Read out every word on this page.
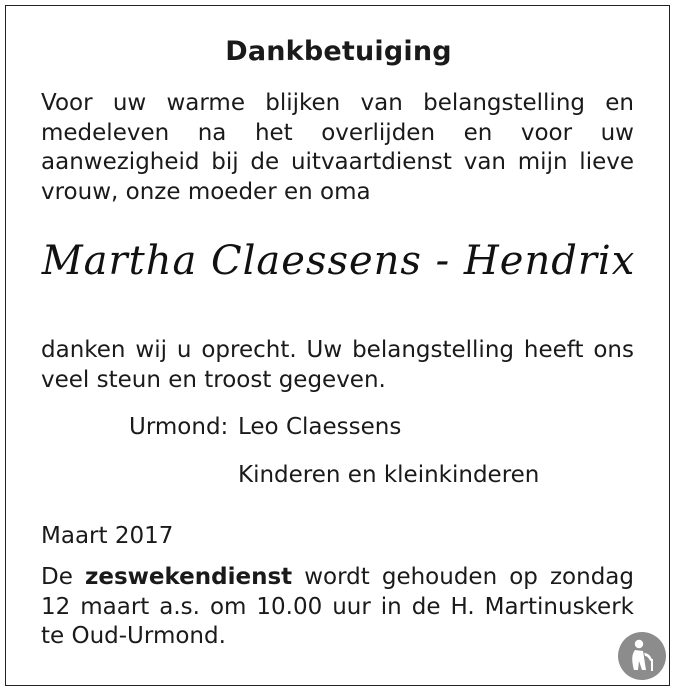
Dankbetuiging
Voor uw warme blijken van belangstelling en medeleven na het overlijden en voor uw aanwezigheid bij de uitvaartdienst van mijn lieve vrouw, onze moeder en oma
Martha Claessens - Hendrix
danken wij u oprecht. Uw belangstelling heeft ons veel steun en troost gegeven.
Urmond: Leo Claessens
Kinderen en kleinkinderen
Maart 2017
De zeswekendienst wordt gehouden op zondag 12 maart a.s. om 10.00 uur in de H. Martinuskerk te Oud-Urmond.
